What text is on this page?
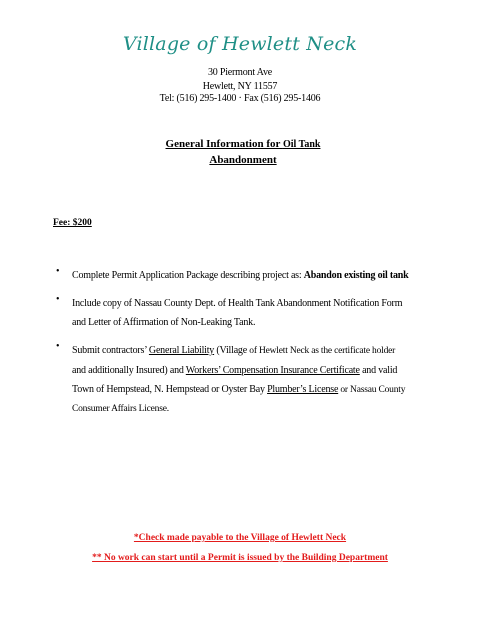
Village of Hewlett Neck
30 Piermont Ave
Hewlett, NY 11557
Tel: (516) 295-1400 · Fax (516) 295-1406
General Information for Oil Tank
Abandonment
Fee: $200
• Complete Permit Application Package describing project as: Abandon existing oil tank
• Include copy of Nassau County Dept. of Health Tank Abandonment Notification Form
and Letter of Affirmation of Non-Leaking Tank.
• Submit contractors’ General Liability (Village of Hewlett Neck as the certificate holder
and additionally Insured) and Workers’ Compensation Insurance Certificate and valid
Town of Hempstead, N. Hempstead or Oyster Bay Plumber’s License or Nassau County
Consumer Affairs License.
*Check made payable to the Village of Hewlett Neck
** No work can start until a Permit is issued by the Building Department
